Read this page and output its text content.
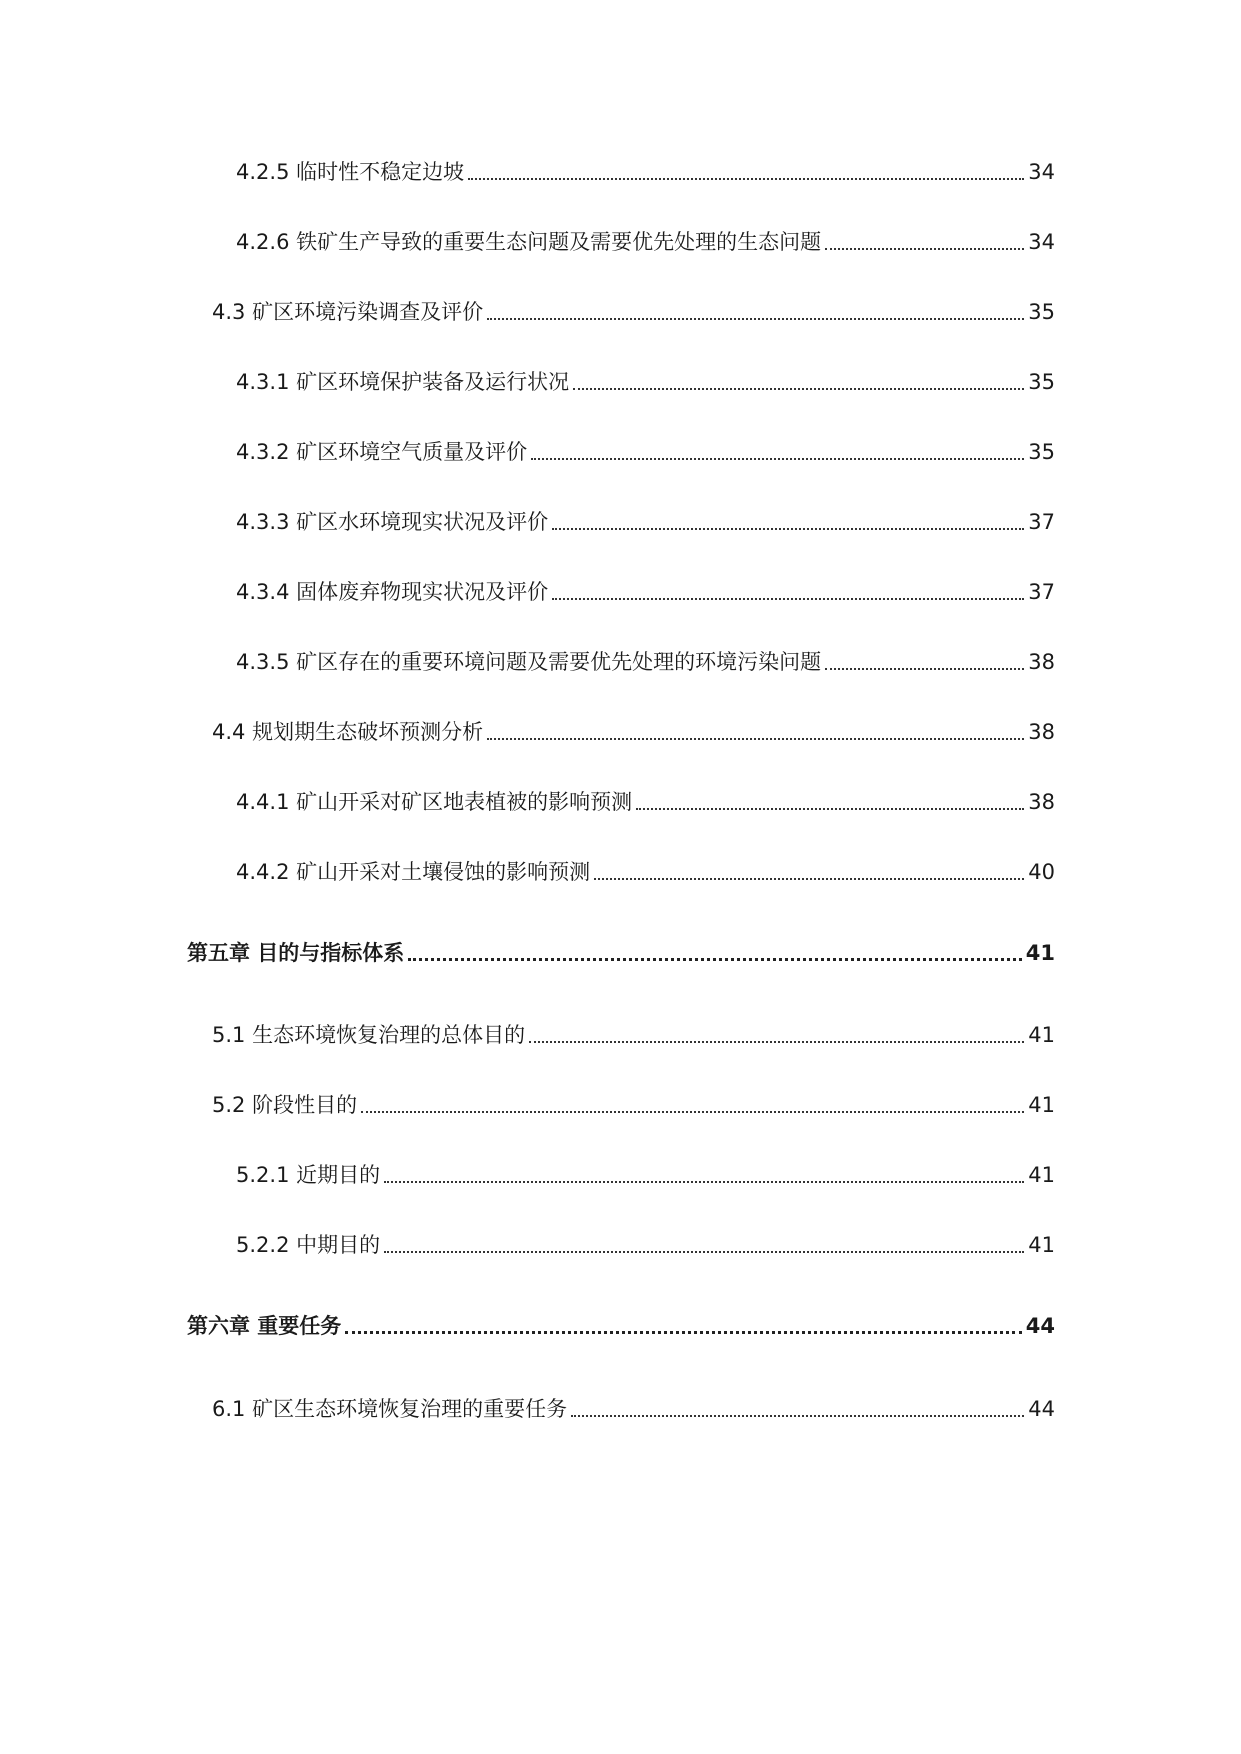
4.2.5 临时性不稳定边坡	34
4.2.6 铁矿生产导致的重要生态问题及需要优先处理的生态问题	34
4.3 矿区环境污染调查及评价	35
4.3.1 矿区环境保护装备及运行状况	35
4.3.2 矿区环境空气质量及评价	35
4.3.3 矿区水环境现实状况及评价	37
4.3.4 固体废弃物现实状况及评价	37
4.3.5 矿区存在的重要环境问题及需要优先处理的环境污染问题	38
4.4 规划期生态破坏预测分析	38
4.4.1 矿山开采对矿区地表植被的影响预测	38
4.4.2 矿山开采对土壤侵蚀的影响预测	40
第五章 目的与指标体系	41
5.1 生态环境恢复治理的总体目的	41
5.2 阶段性目的	41
5.2.1 近期目的	41
5.2.2 中期目的	41
第六章 重要任务	44
6.1 矿区生态环境恢复治理的重要任务	44
